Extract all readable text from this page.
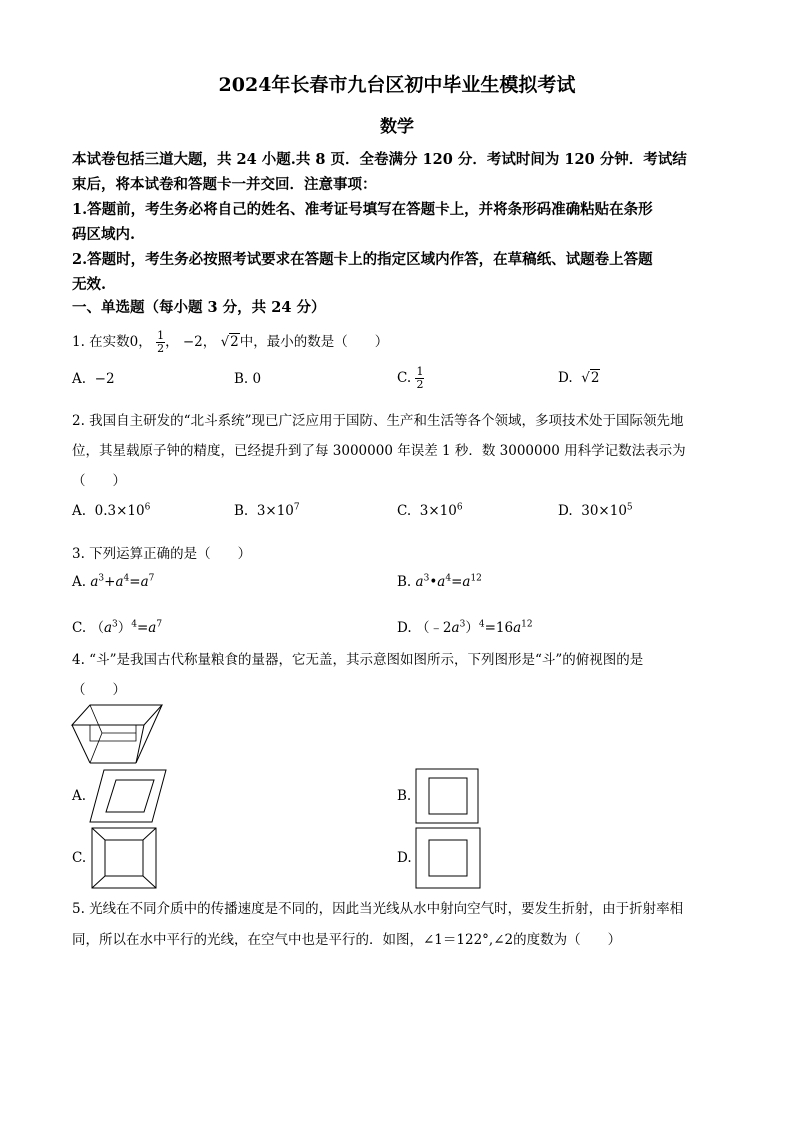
2024年长春市九台区初中毕业生模拟考试
数学
本试卷包括三道大题，共 24 小题.共 8 页．全卷满分 120 分．考试时间为 120 分钟．考试结
束后，将本试卷和答题卡一并交回．注意事项：
1.答题前，考生务必将自己的姓名、准考证号填写在答题卡上，并将条形码准确粘贴在条形
码区域内.
2.答题时，考生务必按照考试要求在答题卡上的指定区域内作答，在草稿纸、试题卷上答题
无效.
一、单选题（每小题 3 分，共 24 分）
1. 在实数0， $\frac{1}{2}$ ， −2， √2中，最小的数是（　　）
A. −2	B. 0	C. $\frac{1}{2}$	D. √2
2. 我国自主研发的“北斗系统”现已广泛应用于国防、生产和生活等各个领域，多项技术处于国际领先地
位，其星载原子钟的精度，已经提升到了每 3000000 年误差 1 秒．数 3000000 用科学记数法表示为
（　　）
A. $0.3\times 10^6$	B. $3\times 10^7$	C. $3\times 10^6$	D. $30\times 10^5$
3. 下列运算正确的是（　　）
A. $a^3+a^4=a^7$	B. $a^3•a^4=a^{12}$
C. $(a^3)^4=a^7$	D. $(﹣2a^3)^4=16a^{12}$
4. “斗”是我国古代称量粮食的量器，它无盖，其示意图如图所示，下列图形是“斗”的俯视图的是
（　　）
A.	B.
C.	D.
5. 光线在不同介质中的传播速度是不同的，因此当光线从水中射向空气时，要发生折射，由于折射率相
同，所以在水中平行的光线，在空气中也是平行的．如图，∠1＝122°,∠2的度数为（　　）
